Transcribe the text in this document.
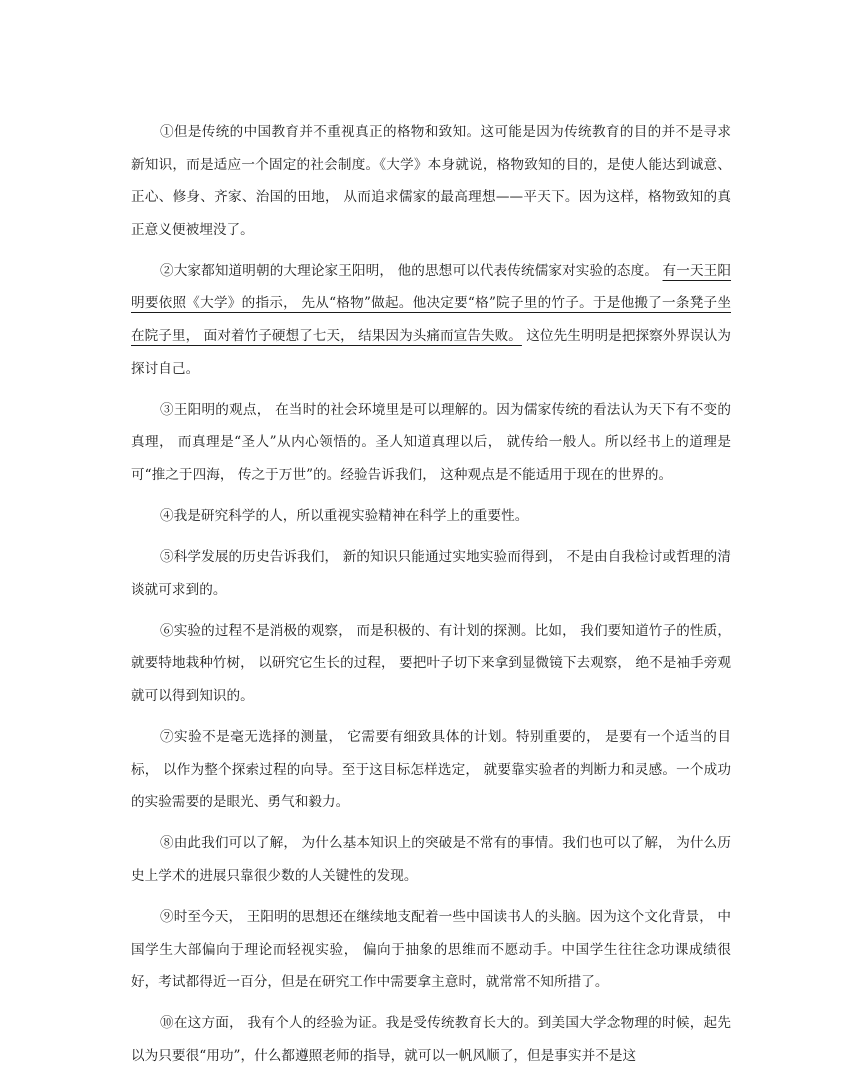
①但是传统的中国教育并不重视真正的格物和致知。这可能是因为传统教育的目的并不是寻求新知识，而是适应一个固定的社会制度。《大学》本身就说，格物致知的目的，是使人能达到诚意、正心、修身、齐家、治国的田地， 从而追求儒家的最高理想——平天下。因为这样，格物致知的真正意义便被埋没了。

②大家都知道明朝的大理论家王阳明， 他的思想可以代表传统儒家对实验的态度。 有一天王阳明要依照《大学》的指示， 先从“格物”做起。他决定要“格”院子里的竹子。于是他搬了一条凳子坐在院子里， 面对着竹子硬想了七天， 结果因为头痛而宣告失败。 这位先生明明是把探察外界误认为探讨自己。

③王阳明的观点， 在当时的社会环境里是可以理解的。因为儒家传统的看法认为天下有不变的真理， 而真理是“圣人”从内心领悟的。圣人知道真理以后， 就传给一般人。所以经书上的道理是可“推之于四海， 传之于万世”的。经验告诉我们， 这种观点是不能适用于现在的世界的。

④我是研究科学的人，所以重视实验精神在科学上的重要性。

⑤科学发展的历史告诉我们， 新的知识只能通过实地实验而得到， 不是由自我检讨或哲理的清谈就可求到的。

⑥实验的过程不是消极的观察， 而是积极的、有计划的探测。比如， 我们要知道竹子的性质， 就要特地栽种竹树， 以研究它生长的过程， 要把叶子切下来拿到显微镜下去观察， 绝不是袖手旁观就可以得到知识的。

⑦实验不是毫无选择的测量， 它需要有细致具体的计划。特别重要的， 是要有一个适当的目标， 以作为整个探索过程的向导。至于这目标怎样选定， 就要靠实验者的判断力和灵感。一个成功的实验需要的是眼光、勇气和毅力。

⑧由此我们可以了解， 为什么基本知识上的突破是不常有的事情。我们也可以了解， 为什么历史上学术的进展只靠很少数的人关键性的发现。

⑨时至今天， 王阳明的思想还在继续地支配着一些中国读书人的头脑。因为这个文化背景， 中国学生大部偏向于理论而轻视实验， 偏向于抽象的思维而不愿动手。中国学生往往念功课成绩很好，考试都得近一百分，但是在研究工作中需要拿主意时，就常常不知所措了。

⑩在这方面， 我有个人的经验为证。我是受传统教育长大的。到美国大学念物理的时候，起先以为只要很“用功”，什么都遵照老师的指导，就可以一帆风顺了，但是事实并不是这
